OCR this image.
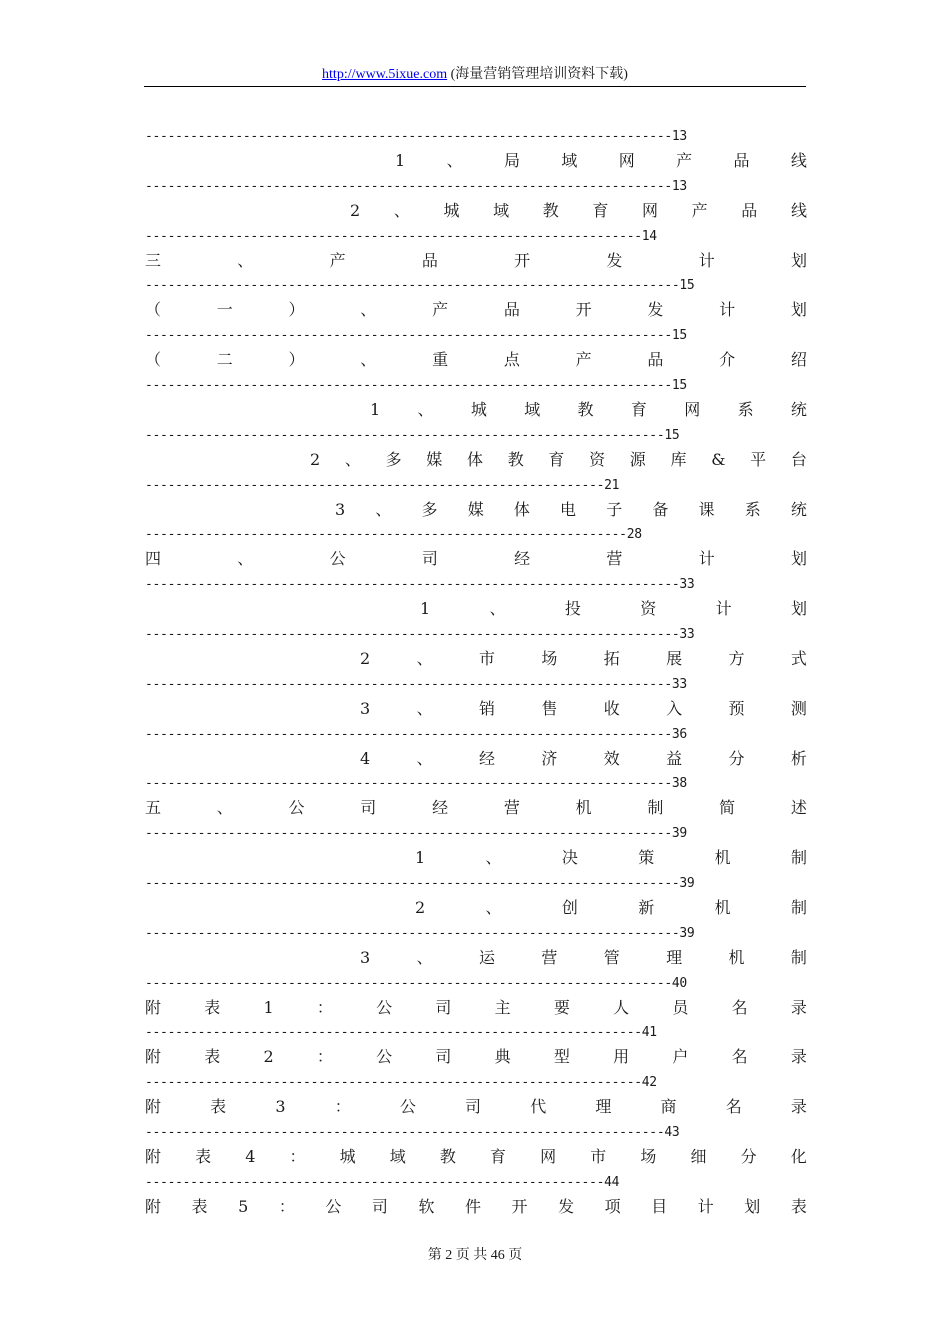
http://www.5ixue.com (海量营销管理培训资料下载)
----------------------------------------------------------------------13
1	、	局	域	网	产	品	线
----------------------------------------------------------------------13
2 、 城 域 教 育 网 产 品 线
------------------------------------------------------------------14
三	、	产	品	开	发	计	划
-----------------------------------------------------------------------15
（	一	）	、	产	品	开	发	计	划
----------------------------------------------------------------------15
（	二	）	、	重	点	产	品	介	绍
----------------------------------------------------------------------15
1 、 城 域 教 育 网 系 统
---------------------------------------------------------------------15
2 、 多 媒 体 教 育 资 源 库 & 平 台
-------------------------------------------------------------21
3 、 多 媒 体 电 子 备 课 系 统
----------------------------------------------------------------28
四	、	公	司	经	营	计	划
-----------------------------------------------------------------------33
1	、	投	资	计	划
-----------------------------------------------------------------------33
2	、	市	场	拓	展	方	式
----------------------------------------------------------------------33
3	、	销	售	收	入	预	测
----------------------------------------------------------------------36
4	、	经	济	效	益	分	析
----------------------------------------------------------------------38
五	、	公	司	经	营	机	制	简	述
----------------------------------------------------------------------39
1	、	决	策	机	制
-----------------------------------------------------------------------39
2	、	创	新	机	制
-----------------------------------------------------------------------39
3	、	运	营	管	理	机	制
----------------------------------------------------------------------40
附	表	1	：	公	司	主	要	人	员	名	录
------------------------------------------------------------------41
附	表	2	：	公	司	典	型	用	户	名	录
------------------------------------------------------------------42
附	表	3	：	公	司	代	理	商	名	录
---------------------------------------------------------------------43
附 表 4 ： 城 域 教 育 网 市 场 细 分 化
-------------------------------------------------------------44
附 表 5 ： 公 司 软 件 开 发 项 目 计 划 表
第 2 页 共 46 页
